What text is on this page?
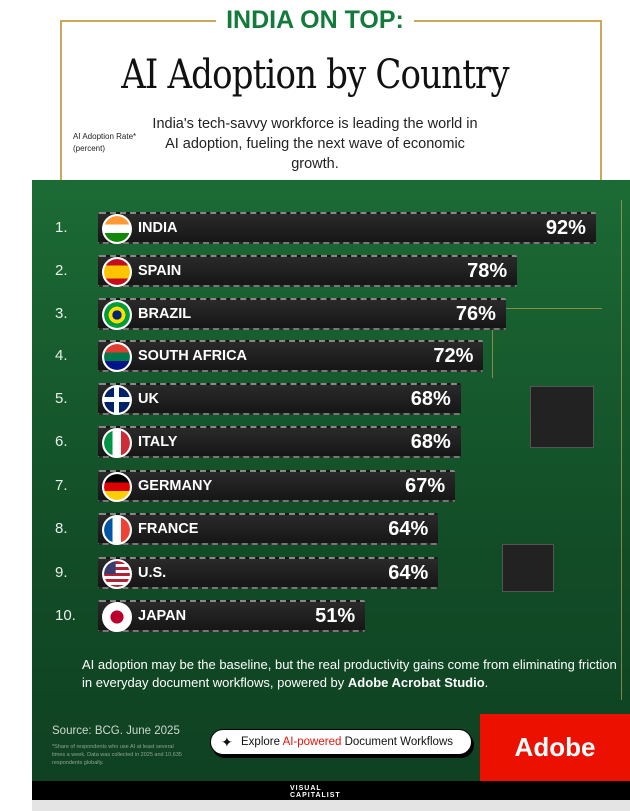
INDIA ON TOP:
AI Adoption by Country
AI Adoption Rate* (percent)
India's tech-savvy workforce is leading the world in AI adoption, fueling the next wave of economic growth.
1.	INDIA	92%
2.	SPAIN	78%
3.	BRAZIL	76%
4.	SOUTH AFRICA	72%
5.	UK	68%
6.	ITALY	68%
7.	GERMANY	67%
8.	FRANCE	64%
9.	U.S.	64%
10.	JAPAN	51%
AI adoption may be the baseline, but the real productivity gains come from eliminating friction in everyday document workflows, powered by Adobe Acrobat Studio.
Source: BCG. June 2025
*Share of respondents who use AI at least several times a week. Data was collected in 2025 and 10,635 respondents globally.
✦ Explore AI-powered Document Workflows	Adobe
VISUAL
CAPITALIST
